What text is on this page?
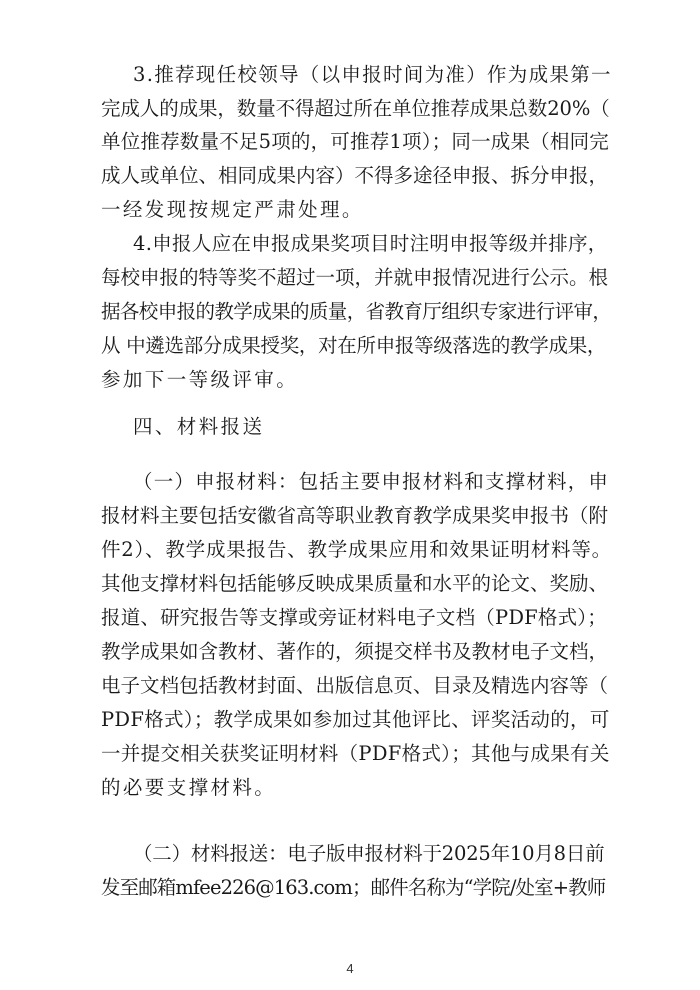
3.推荐现任校领导（以申报时间为准）作为成果第一

完成人的成果，数量不得超过所在单位推荐成果总数20%（

单位推荐数量不足5项的，可推荐1项）；同一成果（相同完

成人或单位、相同成果内容）不得多途径申报、拆分申报，

一经发现按规定严肃处理。

4.申报人应在申报成果奖项目时注明申报等级并排序，

每校申报的特等奖不超过一项，并就申报情况进行公示。根

据各校申报的教学成果的质量，省教育厅组织专家进行评审，

从 中遴选部分成果授奖，对在所申报等级落选的教学成果，

参加下一等级评审。

四、材料报送

（一）申报材料：包括主要申报材料和支撑材料，申

报材料主要包括安徽省高等职业教育教学成果奖申报书（附

件2）、教学成果报告、教学成果应用和效果证明材料等。

其他支撑材料包括能够反映成果质量和水平的论文、奖励、

报道、研究报告等支撑或旁证材料电子文档（PDF格式）；

教学成果如含教材、著作的，须提交样书及教材电子文档，

电子文档包括教材封面、出版信息页、目录及精选内容等（

PDF格式）；教学成果如参加过其他评比、评奖活动的，可

一并提交相关获奖证明材料（PDF格式）；其他与成果有关

的必要支撑材料。

（二）材料报送：电子版申报材料于2025年10月8日前

发至邮箱mfee226@163.com；邮件名称为“学院/处室+教师

4
